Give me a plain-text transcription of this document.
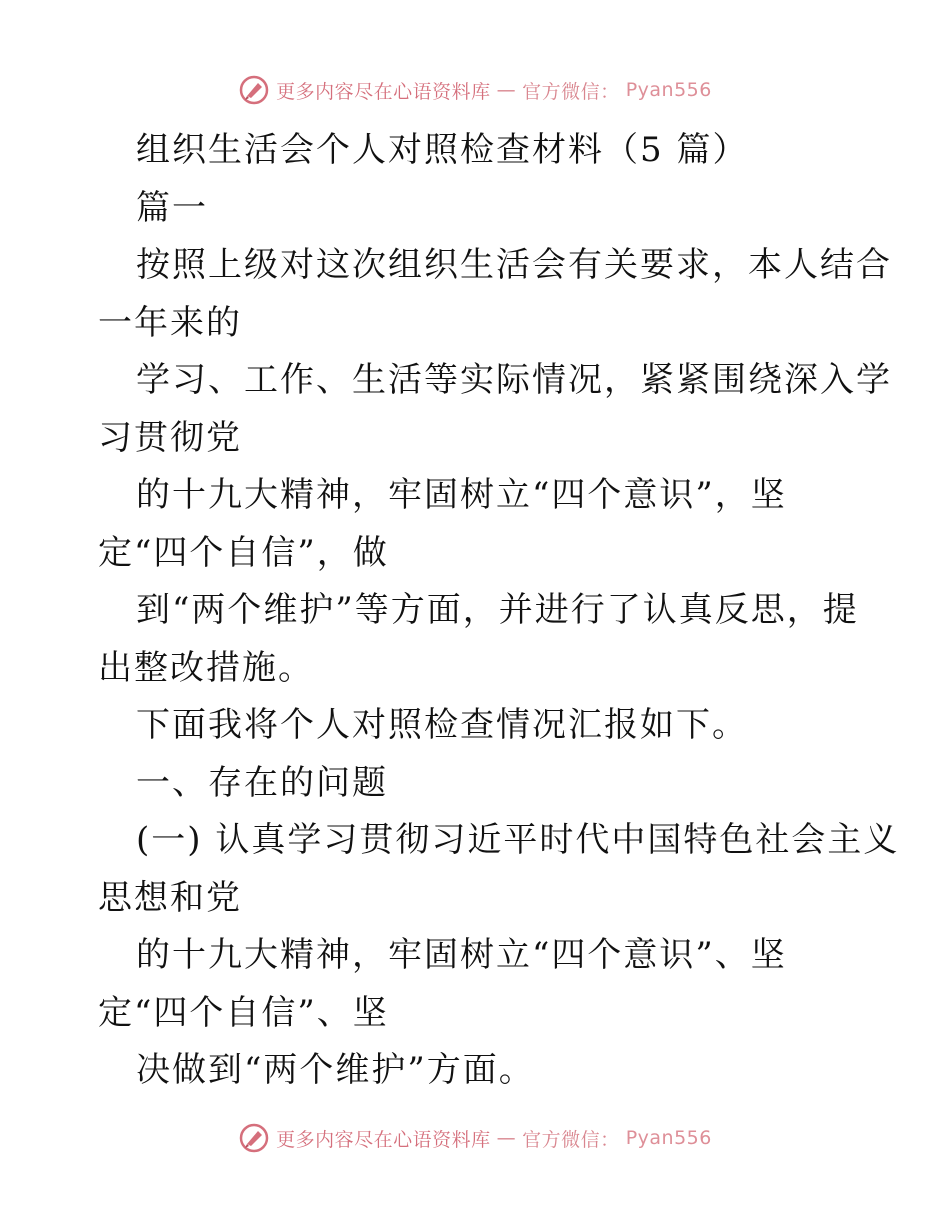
更多内容尽在心语资料库 — 官方微信： Pyan556
组织生活会个人对照检查材料（5 篇）
篇一
按照上级对这次组织生活会有关要求，本人结合
一年来的
学习、工作、生活等实际情况，紧紧围绕深入学
习贯彻党
的十九大精神，牢固树立“四个意识”，坚
定“四个自信”，做
到“两个维护”等方面，并进行了认真反思，提
出整改措施。
下面我将个人对照检查情况汇报如下。
一、存在的问题
(一) 认真学习贯彻习近平时代中国特色社会主义
思想和党
的十九大精神，牢固树立“四个意识”、坚
定“四个自信”、坚
决做到“两个维护”方面。
更多内容尽在心语资料库 — 官方微信： Pyan556
